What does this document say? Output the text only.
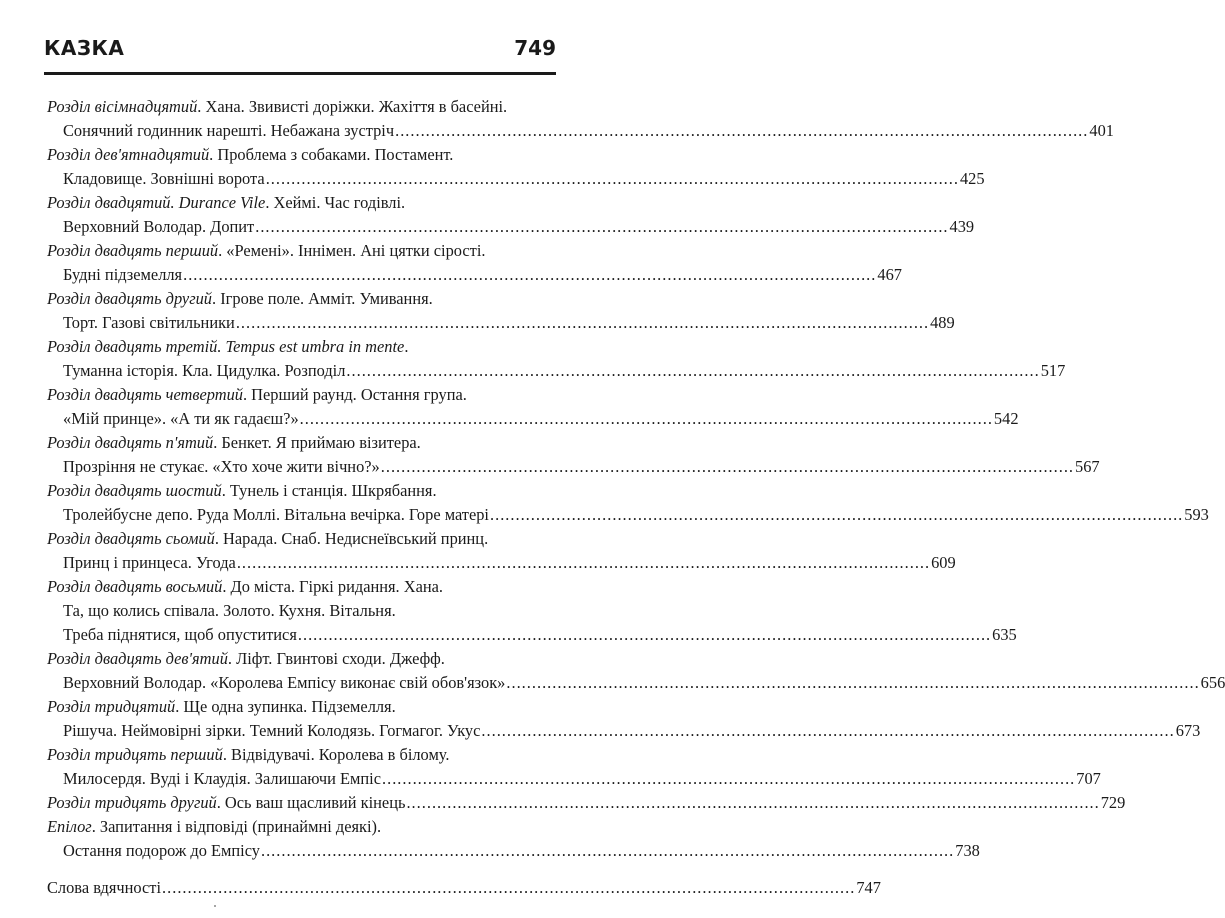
КАЗКА	749
Розділ вісімнадцятий. Хана. Звивисті доріжки. Жахіття в басейні.
Сонячний годинник нарешті. Небажана зустріч .....	401
Розділ дев'ятнадцятий. Проблема з собаками. Постамент.
Кладовище. Зовнішні ворота .....	425
Розділ двадцятий. Durance Vile. Хеймі. Час годівлі.
Верховний Володар. Допит .....	439
Розділ двадцять перший. «Ремені». Іннімен. Ані цятки сірості.
Будні підземелля .....	467
Розділ двадцять другий. Ігрове поле. Амміт. Умивання.
Торт. Газові світильники .....	489
Розділ двадцять третій. Tempus est umbra in mente.
Туманна історія. Кла. Цидулка. Розподіл .....	517
Розділ двадцять четвертий. Перший раунд. Остання група.
«Мій принце». «А ти як гадаєш?» .....	542
Розділ двадцять п'ятий. Бенкет. Я приймаю візитера.
Прозріння не стукає. «Хто хоче жити вічно?» .....	567
Розділ двадцять шостий. Тунель і станція. Шкрябання.
Тролейбусне депо. Руда Моллі. Вітальна вечірка. Горе матері .....	593
Розділ двадцять сьомий. Нарада. Снаб. Недиснеївський принц.
Принц і принцеса. Угода .....	609
Розділ двадцять восьмий. До міста. Гіркі ридання. Хана.
Та, що колись співала. Золото. Кухня. Вітальня.
Треба піднятися, щоб опуститися .....	635
Розділ двадцять дев'ятий. Ліфт. Гвинтові сходи. Джефф.
Верховний Володар. «Королева Емпісу виконає свій обов'язок» .....	656
Розділ тридцятий. Ще одна зупинка. Підземелля.
Рішуча. Неймовірні зірки. Темний Колодязь. Гогмагог. Укус .....	673
Розділ тридцять перший. Відвідувачі. Королева в білому.
Милосердя. Вуді і Клаудія. Залишаючи Емпіс .....	707
Розділ тридцять другий. Ось ваш щасливий кінець .....	729
Епілог. Запитання і відповіді (принаймні деякі).
Остання подорож до Емпісу .....	738
Слова вдячності .....	747
